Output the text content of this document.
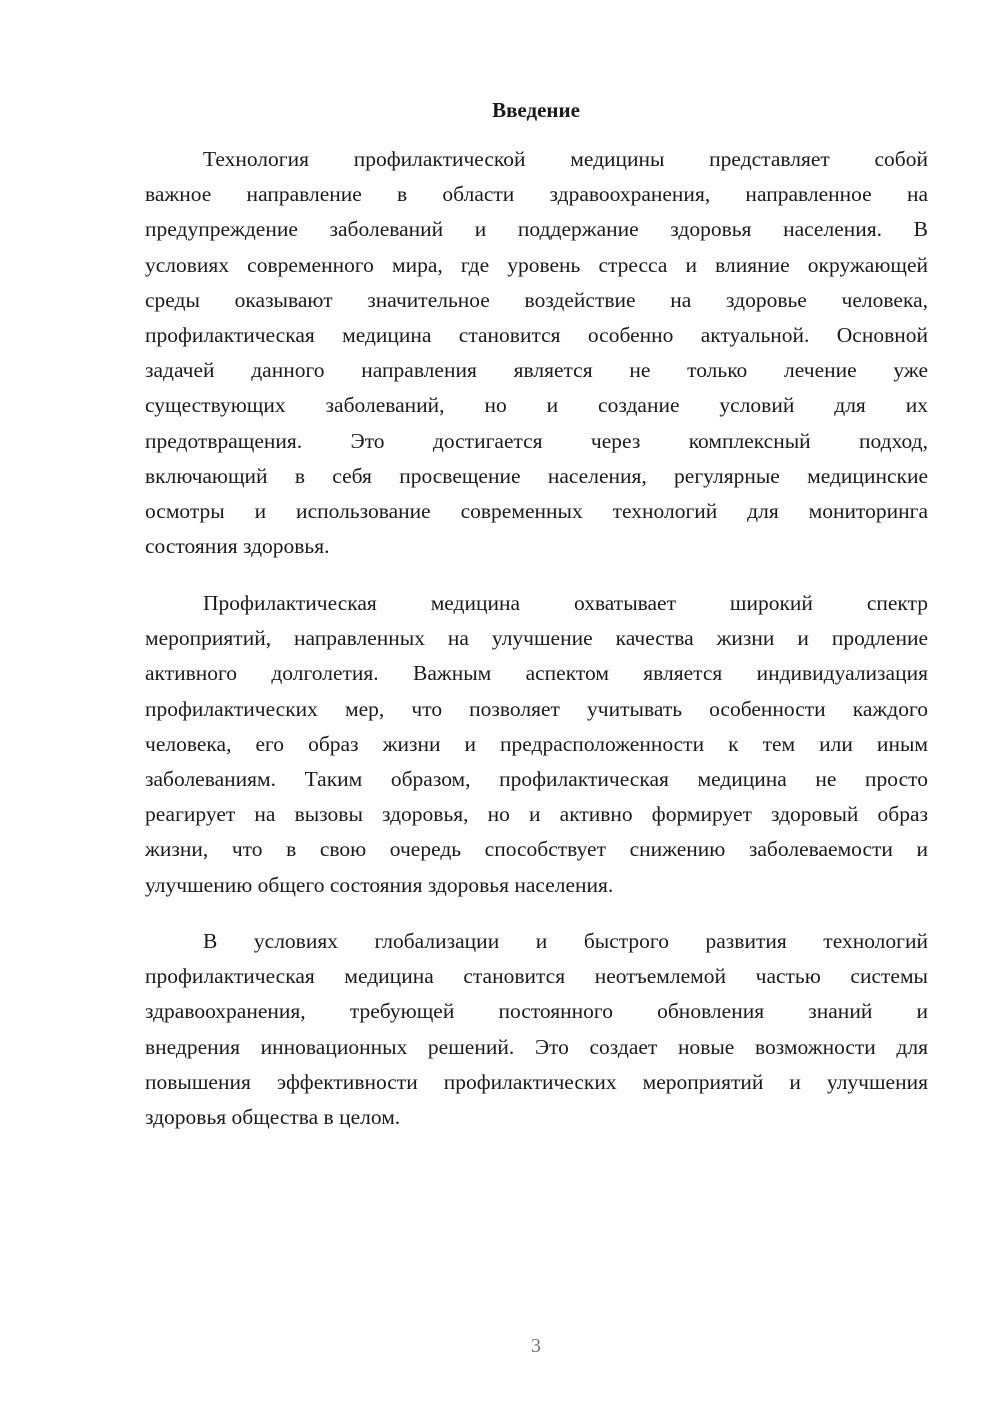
Введение
Технология профилактической медицины представляет собой
важное направление в области здравоохранения, направленное на
предупреждение заболеваний и поддержание здоровья населения. В
условиях современного мира, где уровень стресса и влияние окружающей
среды оказывают значительное воздействие на здоровье человека,
профилактическая медицина становится особенно актуальной. Основной
задачей данного направления является не только лечение уже
существующих заболеваний, но и создание условий для их
предотвращения. Это достигается через комплексный подход,
включающий в себя просвещение населения, регулярные медицинские
осмотры и использование современных технологий для мониторинга
состояния здоровья.
Профилактическая медицина охватывает широкий спектр
мероприятий, направленных на улучшение качества жизни и продление
активного долголетия. Важным аспектом является индивидуализация
профилактических мер, что позволяет учитывать особенности каждого
человека, его образ жизни и предрасположенности к тем или иным
заболеваниям. Таким образом, профилактическая медицина не просто
реагирует на вызовы здоровья, но и активно формирует здоровый образ
жизни, что в свою очередь способствует снижению заболеваемости и
улучшению общего состояния здоровья населения.
В условиях глобализации и быстрого развития технологий
профилактическая медицина становится неотъемлемой частью системы
здравоохранения, требующей постоянного обновления знаний и
внедрения инновационных решений. Это создает новые возможности для
повышения эффективности профилактических мероприятий и улучшения
здоровья общества в целом.
3
